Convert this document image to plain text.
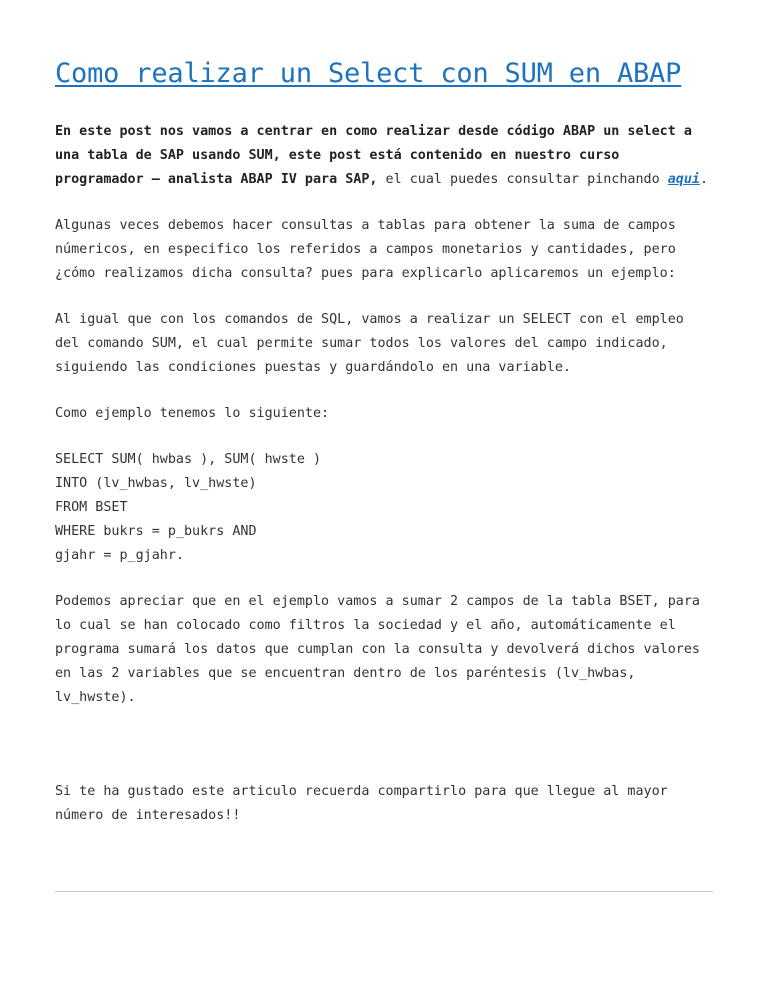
Como realizar un Select con SUM en ABAP

En este post nos vamos a centrar en como realizar desde código ABAP un select a una tabla de SAP usando SUM, este post está contenido en nuestro curso programador – analista ABAP IV para SAP, el cual puedes consultar pinchando aqui.

Algunas veces debemos hacer consultas a tablas para obtener la suma de campos númericos, en especifico los referidos a campos monetarios y cantidades, pero ¿cómo realizamos dicha consulta? pues para explicarlo aplicaremos un ejemplo:

Al igual que con los comandos de SQL, vamos a realizar un SELECT con el empleo del comando SUM, el cual permite sumar todos los valores del campo indicado, siguiendo las condiciones puestas y guardándolo en una variable.

Como ejemplo tenemos lo siguiente:

SELECT SUM( hwbas ), SUM( hwste )

INTO (lv_hwbas, lv_hwste)

FROM BSET

WHERE bukrs = p_bukrs AND

gjahr = p_gjahr.

Podemos apreciar que en el ejemplo vamos a sumar 2 campos de la tabla BSET, para lo cual se han colocado como filtros la sociedad y el año, automáticamente el programa sumará los datos que cumplan con la consulta y devolverá dichos valores en las 2 variables que se encuentran dentro de los paréntesis (lv_hwbas, lv_hwste).

Si te ha gustado este articulo recuerda compartirlo para que llegue al mayor número de interesados!!
